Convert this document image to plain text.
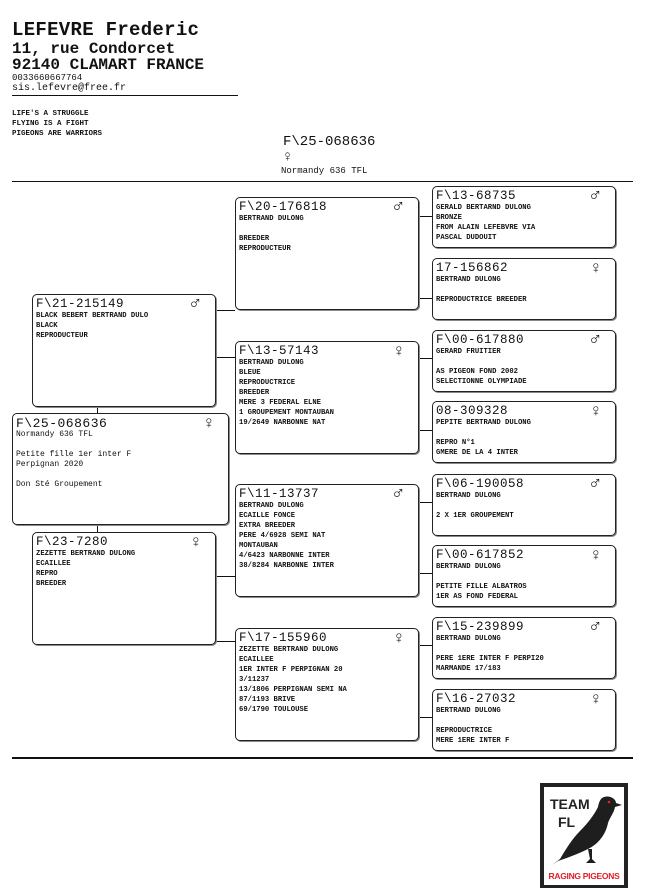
LEFEVRE Frederic
11, rue Condorcet
92140 CLAMART FRANCE
0033660667764
sis.lefevre@free.fr
LIFE'S A STRUGGLE
FLYING IS A FIGHT
PIGEONS ARE WARRIORS	F\25-068636
♀
Normandy 636 TFL
F\25-068636	♀
Normandy 636 TFL
Petite fille 1er inter F
Perpignan 2020
Don Sté Groupement
F\21-215149	♂
BLACK BEBERT BERTRAND DULO
BLACK
REPRODUCTEUR
F\23-7280	♀
ZEZETTE BERTRAND DULONG
ECAILLEE
REPRO
BREEDER
F\20-176818	♂
BERTRAND DULONG
BREEDER
REPRODUCTEUR
F\13-57143	♀
BERTRAND DULONG
BLEUE
REPRODUCTRICE
BREEDER
MERE 3 FEDERAL ELNE
1 GROUPEMENT MONTAUBAN
19/2649 NARBONNE NAT
F\11-13737	♂
BERTRAND DULONG
ECAILLE FONCE
EXTRA BREEDER
PERE 4/6928 SEMI NAT
MONTAUBAN
4/6423 NARBONNE INTER
38/8284 NARBONNE INTER
F\17-155960	♀
ZEZETTE BERTRAND DULONG
ECAILLEE
1ER INTER F PERPIGNAN 20
3/11237
13/1806 PERPIGNAN SEMI NA
87/1193 BRIVE
69/1790 TOULOUSE
F\13-68735	♂
GERALD BERTARND DULONG
BRONZE
FROM ALAIN LEFEBVRE VIA
PASCAL DUDOUIT
17-156862	♀
BERTRAND DULONG
REPRODUCTRICE BREEDER
F\00-617880	♂
GERARD FRUITIER
AS PIGEON FOND 2002
SELECTIONNE OLYMPIADE
08-309328	♀
PEPITE BERTRAND DULONG
REPRO N°1
GMERE DE LA 4 INTER
F\06-190058	♂
BERTRAND DULONG
2 X 1ER GROUPEMENT
F\00-617852	♀
BERTRAND DULONG
PETITE FILLE ALBATROS
1ER AS FOND FEDERAL
F\15-239899	♂
BERTRAND DULONG
PERE 1ERE INTER F PERPI20
MARMANDE 17/183
F\16-27032	♀
BERTRAND DULONG
REPRODUCTRICE
MERE 1ERE INTER F
TEAM
FL
RAGING PIGEONS
